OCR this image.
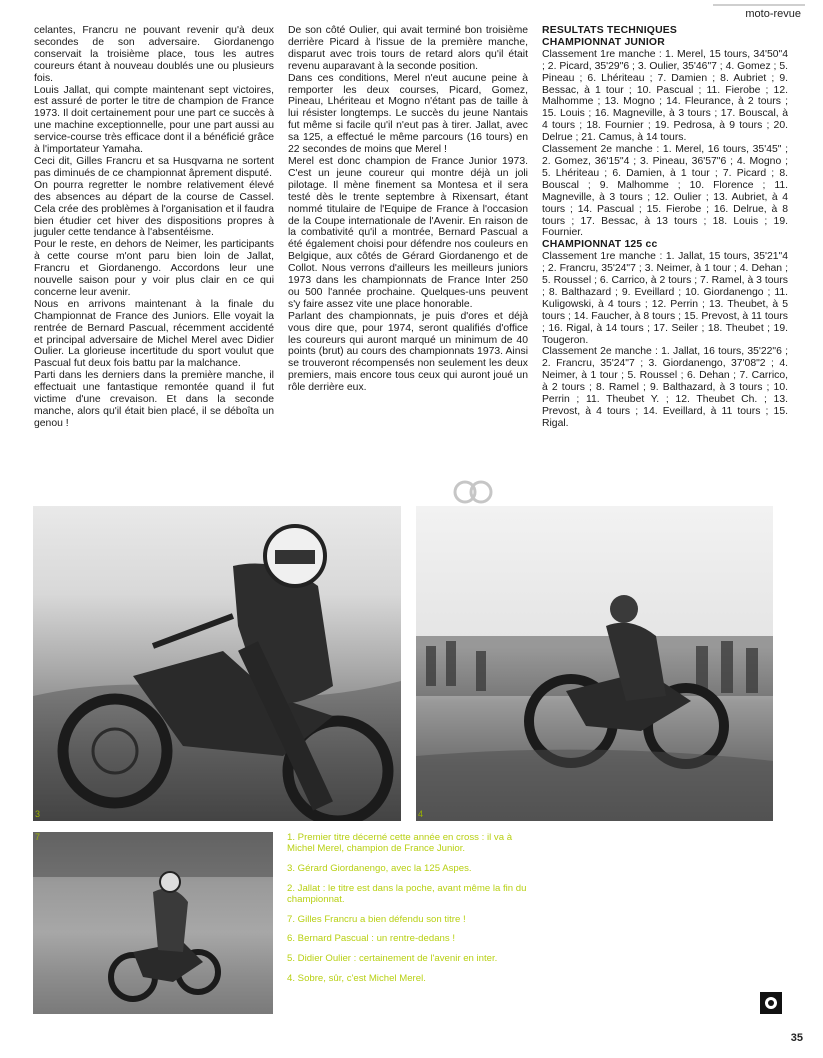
moto-revue

celantes, Francru ne pouvant revenir qu'à deux secondes de son adversaire. Giordanengo conservait la troisième place, tous les autres coureurs étant à nouveau doublés une ou plusieurs fois.

Louis Jallat, qui compte maintenant sept victoires, est assuré de porter le titre de champion de France 1973. Il doit certainement pour une part ce succès à une machine exceptionnelle, pour une part aussi au service-course très efficace dont il a bénéficié grâce à l'importateur Yamaha.

Ceci dit, Gilles Francru et sa Husqvarna ne sortent pas diminués de ce championnat âprement disputé.

On pourra regretter le nombre relativement élevé des absences au départ de la course de Cassel. Cela crée des problèmes à l'organisation et il faudra bien étudier cet hiver des dispositions propres à juguler cette tendance à l'absentéisme.

Pour le reste, en dehors de Neimer, les participants à cette course m'ont paru bien loin de Jallat, Francru et Giordanengo. Accordons leur une nouvelle saison pour y voir plus clair en ce qui concerne leur avenir.

Nous en arrivons maintenant à la finale du Championnat de France des Juniors. Elle voyait la rentrée de Bernard Pascual, récemment accidenté et principal adversaire de Michel Merel avec Didier Oulier. La glorieuse incertitude du sport voulut que Pascual fut deux fois battu par la malchance.

Parti dans les derniers dans la première manche, il effectuait une fantastique remontée quand il fut victime d'une crevaison. Et dans la seconde manche, alors qu'il était bien placé, il se déboîta un genou !

De son côté Oulier, qui avait terminé bon troisième derrière Picard à l'issue de la première manche, disparut avec trois tours de retard alors qu'il était revenu auparavant à la seconde position.

Dans ces conditions, Merel n'eut aucune peine à remporter les deux courses, Picard, Gomez, Pineau, Lhériteau et Mogno n'étant pas de taille à lui résister longtemps. Le succès du jeune Nantais fut même si facile qu'il n'eut pas à tirer. Jallat, avec sa 125, a effectué le même parcours (16 tours) en 22 secondes de moins que Merel !

Merel est donc champion de France Junior 1973. C'est un jeune coureur qui montre déjà un joli pilotage. Il mène finement sa Montesa et il sera testé dès le trente septembre à Rixensart, étant nommé titulaire de l'Equipe de France à l'occasion de la Coupe internationale de l'Avenir. En raison de la combativité qu'il a montrée, Bernard Pascual a été également choisi pour défendre nos couleurs en Belgique, aux côtés de Gérard Giordanengo et de Collot. Nous verrons d'ailleurs les meilleurs juniors 1973 dans les championnats de France Inter 250 ou 500 l'année prochaine. Quelques-uns peuvent s'y faire assez vite une place honorable.

Parlant des championnats, je puis d'ores et déjà vous dire que, pour 1974, seront qualifiés d'office les coureurs qui auront marqué un minimum de 40 points (brut) au cours des championnats 1973. Ainsi se trouveront récompensés non seulement les deux premiers, mais encore tous ceux qui auront joué un rôle derrière eux.

RESULTATS TECHNIQUES

CHAMPIONNAT JUNIOR

Classement 1re manche : 1. Merel, 15 tours, 34'50"4 ; 2. Picard, 35'29"6 ; 3. Oulier, 35'46"7 ; 4. Gomez ; 5. Pineau ; 6. Lhériteau ; 7. Damien ; 8. Aubriet ; 9. Bessac, à 1 tour ; 10. Pascual ; 11. Fierobe ; 12. Malhomme ; 13. Mogno ; 14. Fleurance, à 2 tours ; 15. Louis ; 16. Magneville, à 3 tours ; 17. Bouscal, à 4 tours ; 18. Fournier ; 19. Pedrosa, à 9 tours ; 20. Delrue ; 21. Camus, à 14 tours.

Classement 2e manche : 1. Merel, 16 tours, 35'45" ; 2. Gomez, 36'15"4 ; 3. Pineau, 36'57"6 ; 4. Mogno ; 5. Lhériteau ; 6. Damien, à 1 tour ; 7. Picard ; 8. Bouscal ; 9. Malhomme ; 10. Florence ; 11. Magneville, à 3 tours ; 12. Oulier ; 13. Aubriet, à 4 tours ; 14. Pascual ; 15. Fierobe ; 16. Delrue, à 8 tours ; 17. Bessac, à 13 tours ; 18. Louis ; 19. Fournier.

CHAMPIONNAT 125 cc

Classement 1re manche : 1. Jallat, 15 tours, 35'21"4 ; 2. Francru, 35'24"7 ; 3. Neimer, à 1 tour ; 4. Dehan ; 5. Roussel ; 6. Carrico, à 2 tours ; 7. Ramel, à 3 tours ; 8. Balthazard ; 9. Eveillard ; 10. Giordanengo ; 11. Kuligowski, à 4 tours ; 12. Perrin ; 13. Theubet, à 5 tours ; 14. Faucher, à 8 tours ; 15. Prevost, à 11 tours ; 16. Rigal, à 14 tours ; 17. Seiler ; 18. Theubet ; 19. Tougeron.

Classement 2e manche : 1. Jallat, 16 tours, 35'22"6 ; 2. Francru, 35'24"7 ; 3. Giordanengo, 37'08"2 ; 4. Neimer, à 1 tour ; 5. Roussel ; 6. Dehan ; 7. Carrico, à 2 tours ; 8. Ramel ; 9. Balthazard, à 3 tours ; 10. Perrin ; 11. Theubet Y. ; 12. Theubet Ch. ; 13. Prevost, à 4 tours ; 14. Eveillard, à 11 tours ; 15. Rigal.

3	4
7	1. Premier titre décerné cette année en cross : il va à Michel Merel, champion de France Junior.

3. Gérard Giordanengo, avec la 125 Aspes.

2. Jallat : le titre est dans la poche, avant même la fin du championnat.

7. Gilles Francru a bien défendu son titre !

6. Bernard Pascual : un rentre-dedans !

5. Didier Oulier : certainement de l'avenir en inter.

4. Sobre, sûr, c'est Michel Merel.

35
